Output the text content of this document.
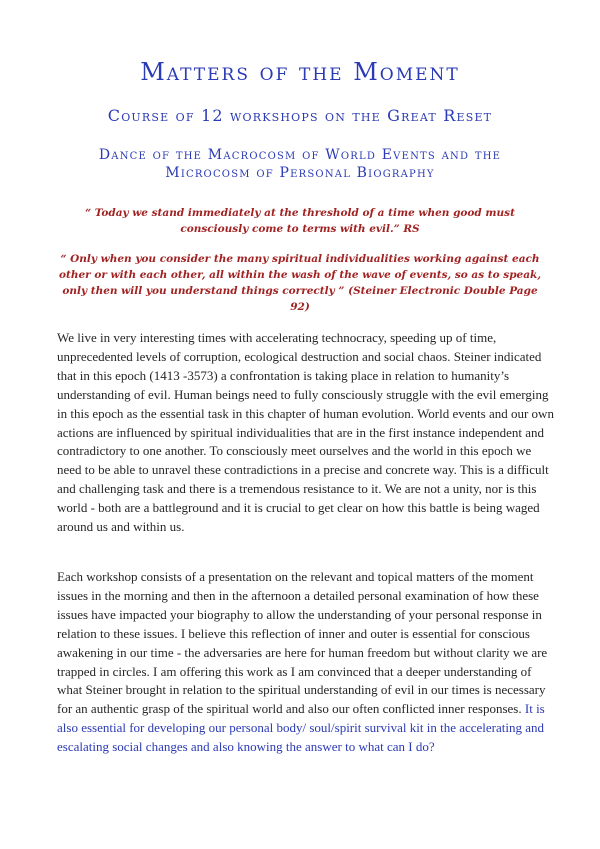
Matters of the Moment
Course of 12 workshops on the Great Reset
Dance of the Macrocosm of World Events and the Microcosm of Personal Biography
“ Today we stand immediately at the threshold of a time when good must consciously come to terms with evil.” RS
“ Only when you consider the many spiritual individualities working against each other or with each other, all within the wash of the wave of events, so as to speak, only then will you understand things correctly ” (Steiner Electronic Double Page 92)
We live in very interesting times with accelerating technocracy, speeding up of time, unprecedented levels of corruption, ecological destruction and social chaos. Steiner indicated that in this epoch (1413 -3573) a confrontation is taking place in relation to humanity’s understanding of evil. Human beings need to fully consciously struggle with the evil emerging in this epoch as the essential task in this chapter of human evolution. World events and our own actions are influenced by spiritual individualities that are in the first instance independent and contradictory to one another. To consciously meet ourselves and the world in this epoch we need to be able to unravel these contradictions in a precise and concrete way. This is a difficult and challenging task and there is a tremendous resistance to it. We are not a unity, nor is this world - both are a battleground and it is crucial to get clear on how this battle is being waged around us and within us.
Each workshop consists of a presentation on the relevant and topical matters of the moment issues in the morning and then in the afternoon a detailed personal examination of how these issues have impacted your biography to allow the understanding of your personal response in relation to these issues. I believe this reflection of inner and outer is essential for conscious awakening in our time - the adversaries are here for human freedom but without clarity we are trapped in circles. I am offering this work as I am convinced that a deeper understanding of what Steiner brought in relation to the spiritual understanding of evil in our times is necessary for an authentic grasp of the spiritual world and also our often conflicted inner responses. It is also essential for developing our personal body/ soul/spirit survival kit in the accelerating and escalating social changes and also knowing the answer to what can I do?
